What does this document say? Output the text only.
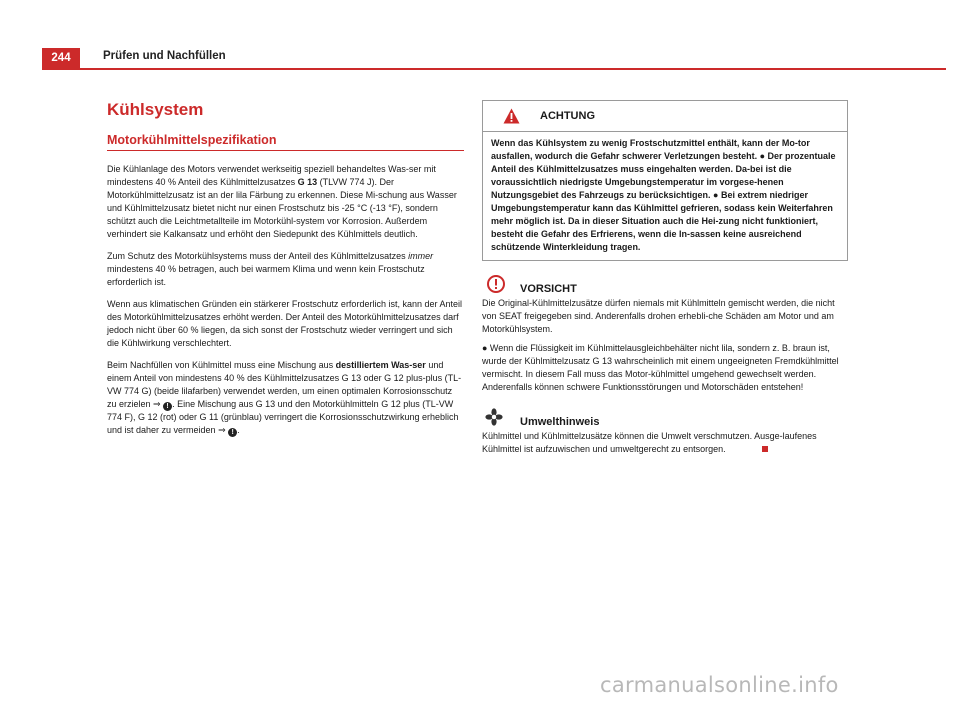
244	Prüfen und Nachfüllen
Kühlsystem
Motorkühlmittelspezifikation

Die Kühlanlage des Motors verwendet werkseitig speziell behandeltes Was-ser mit mindestens 40 % Anteil des Kühlmittelzusatzes G 13 (TLVW 774 J). Der Motorkühlmittelzusatz ist an der lila Färbung zu erkennen. Diese Mi-schung aus Wasser und Kühlmittelzusatz bietet nicht nur einen Frostschutz bis -25 °C (-13 °F), sondern schützt auch die Leichtmetallteile im Motorkühl-system vor Korrosion. Außerdem verhindert sie Kalkansatz und erhöht den Siedepunkt des Kühlmittels deutlich.

Zum Schutz des Motorkühlsystems muss der Anteil des Kühlmittelzusatzes immer mindestens 40 % betragen, auch bei warmem Klima und wenn kein Frostschutz erforderlich ist.

Wenn aus klimatischen Gründen ein stärkerer Frostschutz erforderlich ist, kann der Anteil des Motorkühlmittelzusatzes erhöht werden. Der Anteil des Motorkühlmittelzusatzes darf jedoch nicht über 60 % liegen, da sich sonst der Frostschutz wieder verringert und sich die Kühlwirkung verschlechtert.

Beim Nachfüllen von Kühlmittel muss eine Mischung aus destilliertem Was-ser und einem Anteil von mindestens 40 % des Kühlmittelzusatzes G 13 oder G 12 plus-plus (TL-VW 774 G) (beide lilafarben) verwendet werden, um einen optimalen Korrosionsschutz zu erzielen ⇒ ! . Eine Mischung aus G 13 und den Motorkühlmitteln G 12 plus (TL-VW 774 F), G 12 (rot) oder G 11 (grünblau) verringert die Korrosionsschutzwirkung erheblich und ist daher zu vermeiden ⇒ ! .

ACHTUNG
Wenn das Kühlsystem zu wenig Frostschutzmittel enthält, kann der Mo-tor ausfallen, wodurch die Gefahr schwerer Verletzungen besteht. ● Der prozentuale Anteil des Kühlmittelzusatzes muss eingehalten werden. Da-bei ist die voraussichtlich niedrigste Umgebungstemperatur im vorgese-henen Nutzungsgebiet des Fahrzeugs zu berücksichtigen. ● Bei extrem niedriger Umgebungstemperatur kann das Kühlmittel gefrieren, sodass kein Weiterfahren mehr möglich ist. Da in dieser Situation auch die Hei-zung nicht funktioniert, besteht die Gefahr des Erfrierens, wenn die In-sassen keine ausreichend schützende Winterkleidung tragen.
VORSICHT

Die Original-Kühlmittelzusätze dürfen niemals mit Kühlmitteln gemischt werden, die nicht von SEAT freigegeben sind. Anderenfalls drohen erhebli-che Schäden am Motor und am Motorkühlsystem.

● Wenn die Flüssigkeit im Kühlmittelausgleichbehälter nicht lila, sondern z. B. braun ist, wurde der Kühlmittelzusatz G 13 wahrscheinlich mit einem ungeeigneten Fremdkühlmittel vermischt. In diesem Fall muss das Motor-kühlmittel umgehend gewechselt werden. Anderenfalls können schwere Funktionsstörungen und Motorschäden entstehen!

Umwelthinweis

Kühlmittel und Kühlmittelzusätze können die Umwelt verschmutzen. Ausge-laufenes Kühlmittel ist aufzuwischen und umweltgerecht zu entsorgen.

carmanualsonline.info
